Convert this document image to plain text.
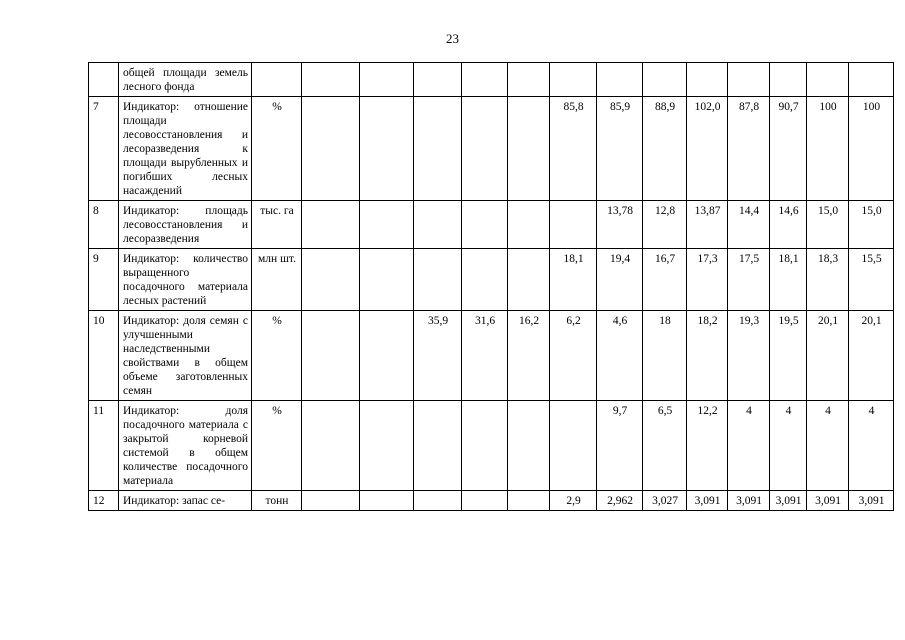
23
	общей площади земель лесного фонда														
7	Индикатор: отношение площади лесовосстановления и лесоразведения к площади вырубленных и погибших лесных насаждений	%						85,8	85,9	88,9	102,0	87,8	90,7	100	100
8	Индикатор: площадь лесовосстановления и лесоразведения	тыс. га							13,78	12,8	13,87	14,4	14,6	15,0	15,0
9	Индикатор: количество выращенного посадочного материала лесных растений	млн шт.						18,1	19,4	16,7	17,3	17,5	18,1	18,3	15,5
10	Индикатор: доля семян с улучшенными наследственными свойствами в общем объеме заготовленных семян	%			35,9	31,6	16,2	6,2	4,6	18	18,2	19,3	19,5	20,1	20,1
11	Индикатор: доля посадочного материала с закрытой корневой системой в общем количестве посадочного материала	%							9,7	6,5	12,2	4	4	4	4
12	Индикатор: запас се-	тонн						2,9	2,962	3,027	3,091	3,091	3,091	3,091	3,091
